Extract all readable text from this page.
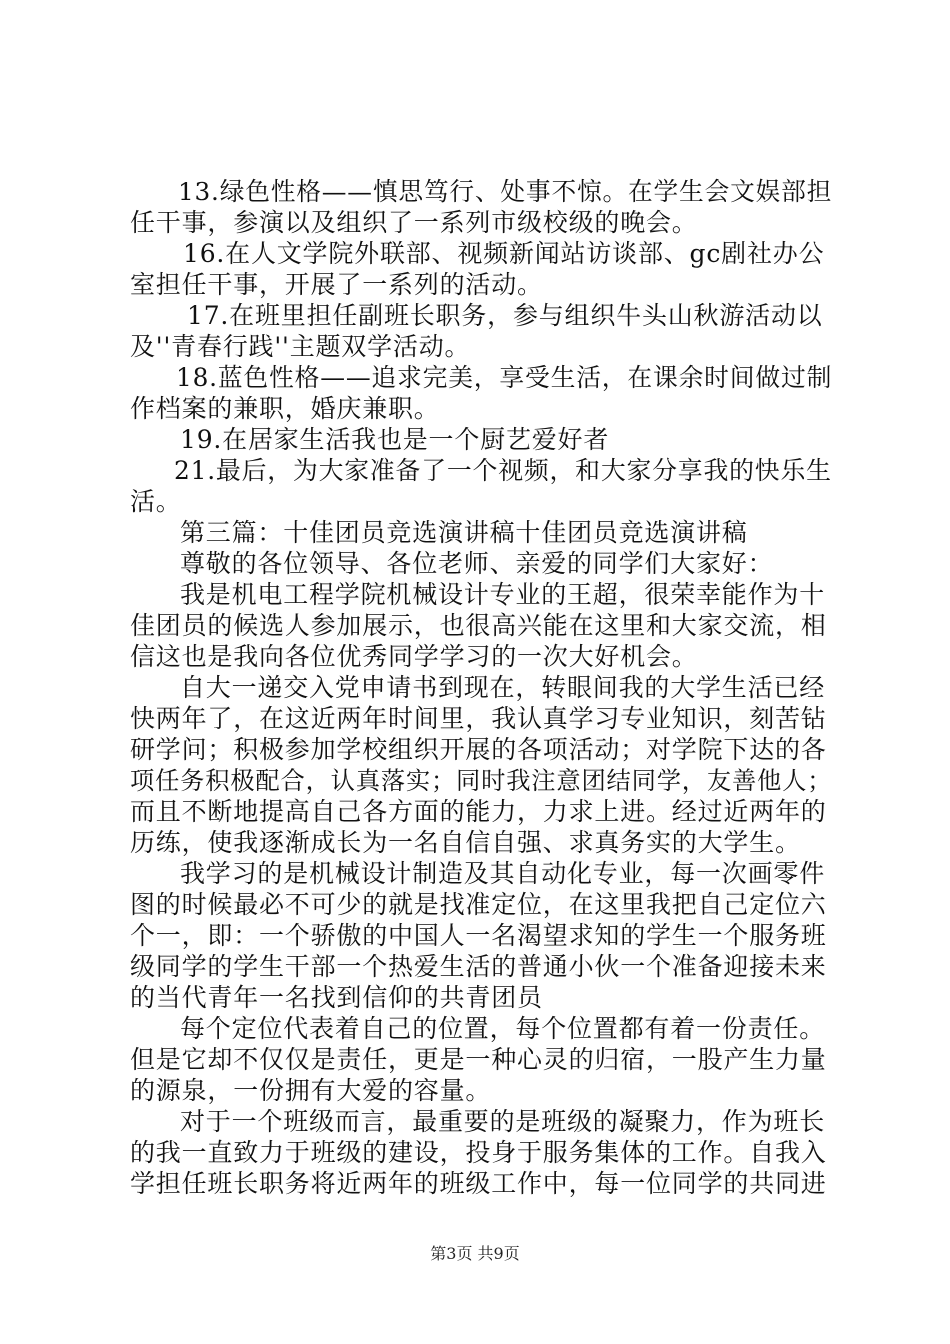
13.绿色性格——慎思笃行、处事不惊。在学生会文娱部担
任干事，参演以及组织了一系列市级校级的晚会。
16.在人文学院外联部、视频新闻站访谈部、gc剧社办公
室担任干事，开展了一系列的活动。
17.在班里担任副班长职务，参与组织牛头山秋游活动以
及''青春行践''主题双学活动。
18.蓝色性格——追求完美，享受生活，在课余时间做过制
作档案的兼职，婚庆兼职。
19.在居家生活我也是一个厨艺爱好者
21.最后，为大家准备了一个视频，和大家分享我的快乐生
活。
第三篇：十佳团员竞选演讲稿十佳团员竞选演讲稿
尊敬的各位领导、各位老师、亲爱的同学们大家好：
我是机电工程学院机械设计专业的王超，很荣幸能作为十
佳团员的候选人参加展示，也很高兴能在这里和大家交流，相
信这也是我向各位优秀同学学习的一次大好机会。
自大一递交入党申请书到现在，转眼间我的大学生活已经
快两年了，在这近两年时间里，我认真学习专业知识，刻苦钻
研学问；积极参加学校组织开展的各项活动；对学院下达的各
项任务积极配合，认真落实；同时我注意团结同学，友善他人；
而且不断地提高自己各方面的能力，力求上进。经过近两年的
历练，使我逐渐成长为一名自信自强、求真务实的大学生。
我学习的是机械设计制造及其自动化专业，每一次画零件
图的时候最必不可少的就是找准定位，在这里我把自己定位六
个一，即：一个骄傲的中国人一名渴望求知的学生一个服务班
级同学的学生干部一个热爱生活的普通小伙一个准备迎接未来
的当代青年一名找到信仰的共青团员
每个定位代表着自己的位置，每个位置都有着一份责任。
但是它却不仅仅是责任，更是一种心灵的归宿，一股产生力量
的源泉，一份拥有大爱的容量。
对于一个班级而言，最重要的是班级的凝聚力，作为班长
的我一直致力于班级的建设，投身于服务集体的工作。自我入
学担任班长职务将近两年的班级工作中，每一位同学的共同进
第3页 共9页
